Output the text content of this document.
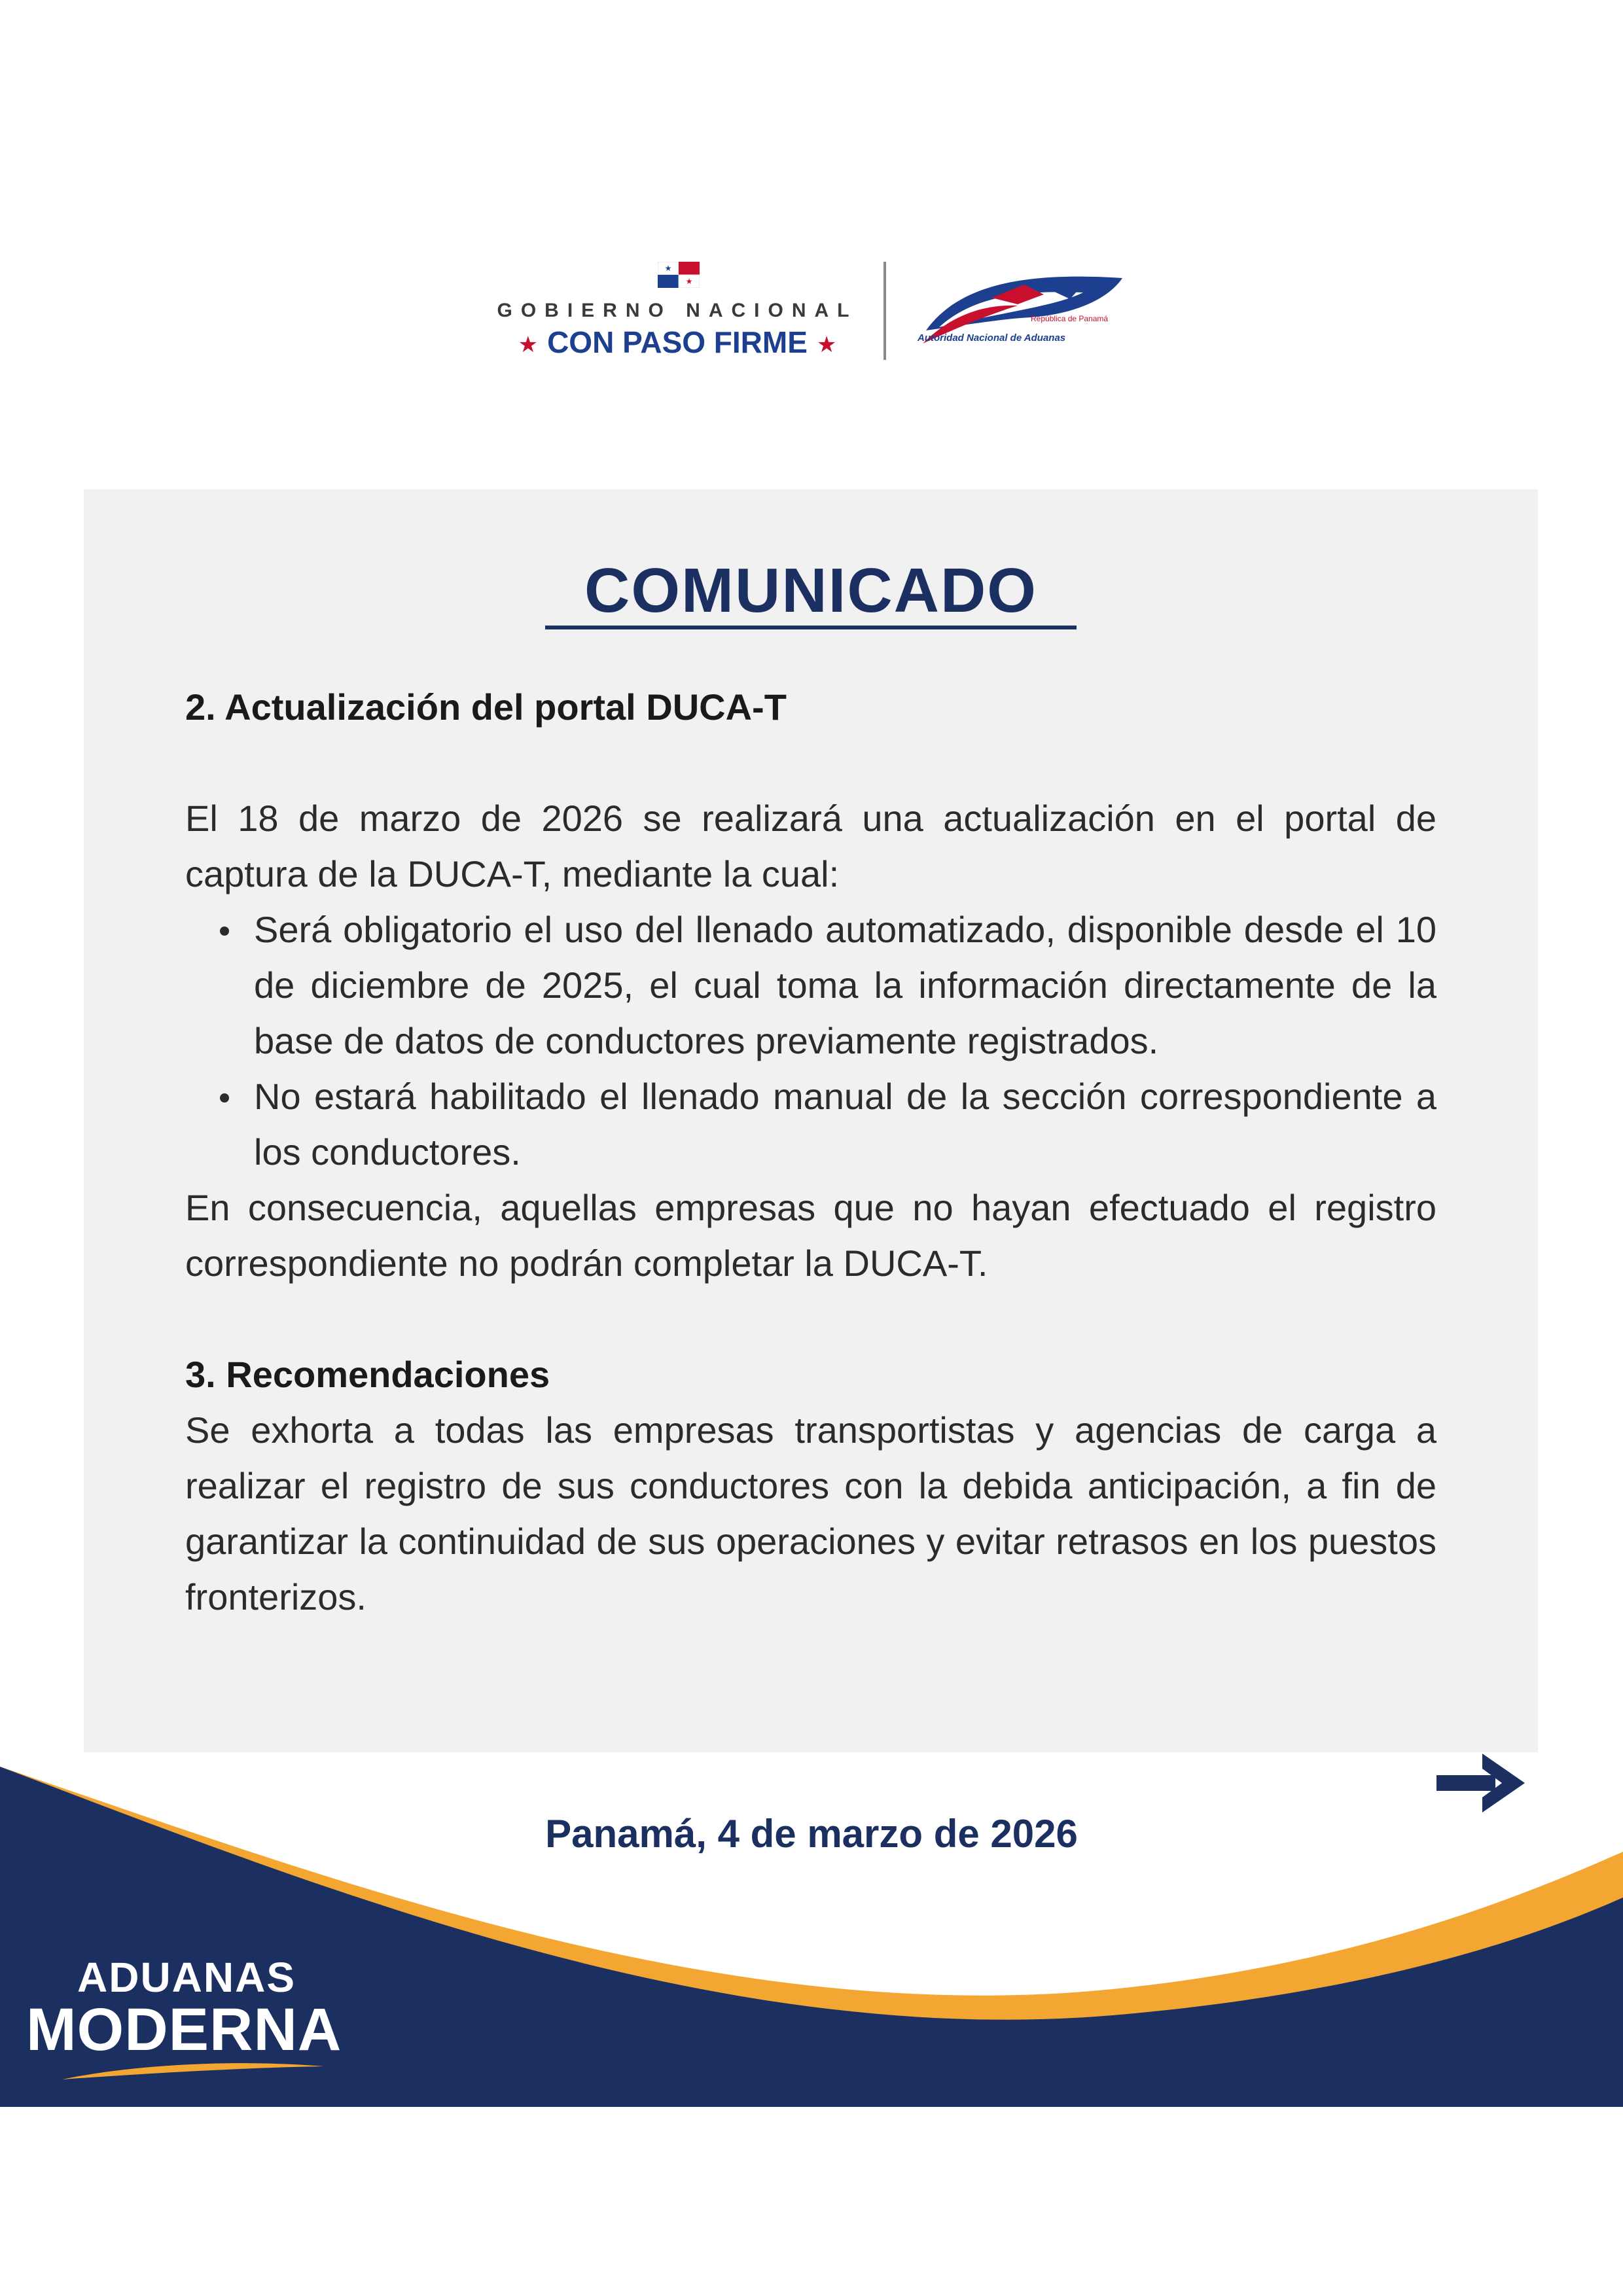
★
★
GOBIERNO NACIONAL
★ CON PASO FIRME ★
República de Panamá
Autoridad Nacional de Aduanas
COMUNICADO

2. Actualización del portal DUCA-T

El 18 de marzo de 2026 se realizará una actualización en el portal de captura de la DUCA-T, mediante la cual:

Será obligatorio el uso del llenado automatizado, disponible desde el 10 de diciembre de 2025, el cual toma la información directamente de la base de datos de conductores previamente registrados.
No estará habilitado el llenado manual de la sección correspondiente a los conductores.

En consecuencia, aquellas empresas que no hayan efectuado el registro correspondiente no podrán completar la DUCA-T.

3. Recomendaciones

Se exhorta a todas las empresas transportistas y agencias de carga a realizar el registro de sus conductores con la debida anticipación, a fin de garantizar la continuidad de sus operaciones y evitar retrasos en los puestos fronterizos.

Panamá, 4 de marzo de 2026
ADUANAS
MODERNA
